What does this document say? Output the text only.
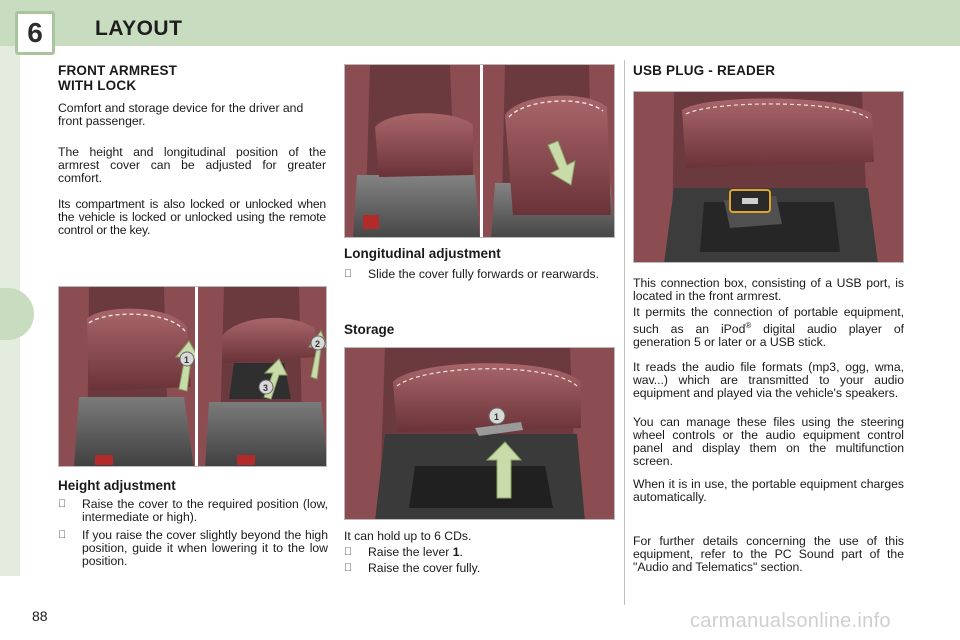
6	LAYOUT
FRONT ARMREST
WITH LOCK
Comfort and storage device for the driver and front passenger.
The height and longitudinal position of the armrest cover can be adjusted for greater comfort.
Its compartment is also locked or unlocked when the vehicle is locked or unlocked using the remote control or the key.
1
3
2
Height adjustment
Raise the cover to the required position (low, intermediate or high).
If you raise the cover slightly beyond the high position, guide it when lowering it to the low position.
Longitudinal adjustment
Slide the cover fully forwards or rearwards.
Storage
1
It can hold up to 6 CDs.
Raise the lever 1.
Raise the cover fully.
USB PLUG - READER
This connection box, consisting of a USB port, is located in the front armrest.
It permits the connection of portable equipment, such as an iPod® digital audio player of generation 5 or later or a USB stick.
It reads the audio file formats (mp3, ogg, wma, wav...) which are transmitted to your audio equipment and played via the vehicle's speakers.
You can manage these files using the steering wheel controls or the audio equipment control panel and display them on the multifunction screen.
When it is in use, the portable equipment charges automatically.
For further details concerning the use of this equipment, refer to the PC Sound part of the "Audio and Telematics" section.
88	carmanualsonline.info
